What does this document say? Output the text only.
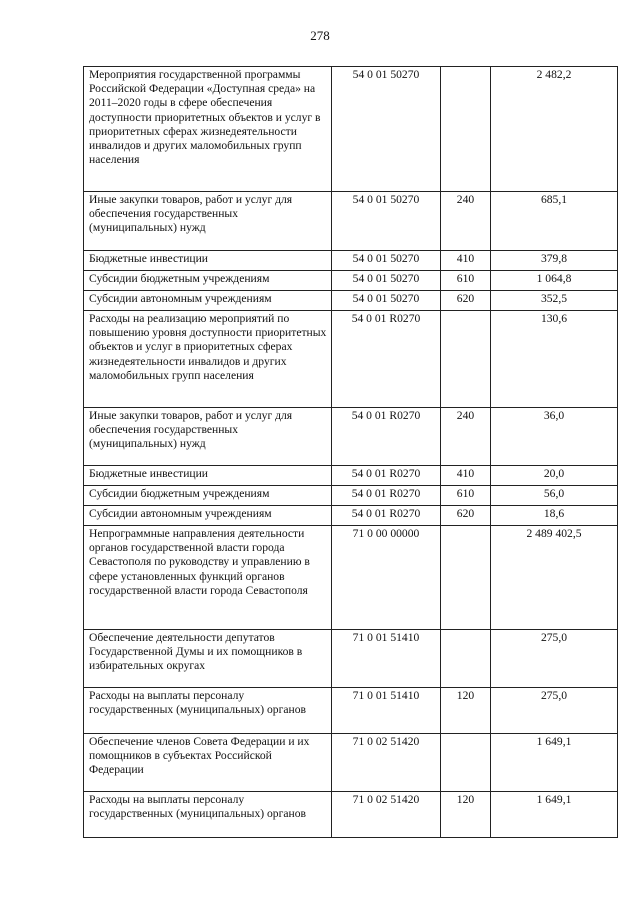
278
Мероприятия государственной программы Российской Федерации «Доступная среда» на 2011–2020 годы в сфере обеспечения доступности приоритетных объектов и услуг в приоритетных сферах жизнедеятельности инвалидов и других маломобильных групп населения	54 0 01 50270		2 482,2
Иные закупки товаров, работ и услуг для обеспечения государственных (муниципальных) нужд	54 0 01 50270	240	685,1
Бюджетные инвестиции	54 0 01 50270	410	379,8
Субсидии бюджетным учреждениям	54 0 01 50270	610	1 064,8
Субсидии автономным учреждениям	54 0 01 50270	620	352,5
Расходы на реализацию мероприятий по повышению уровня доступности приоритетных объектов и услуг в приоритетных сферах жизнедеятельности инвалидов и других маломобильных групп населения	54 0 01 R0270		130,6
Иные закупки товаров, работ и услуг для обеспечения государственных (муниципальных) нужд	54 0 01 R0270	240	36,0
Бюджетные инвестиции	54 0 01 R0270	410	20,0
Субсидии бюджетным учреждениям	54 0 01 R0270	610	56,0
Субсидии автономным учреждениям	54 0 01 R0270	620	18,6
Непрограммные направления деятельности органов государственной власти города Севастополя по руководству и управлению в сфере установленных функций органов государственной власти города Севастополя	71 0 00 00000		2 489 402,5
Обеспечение деятельности депутатов Государственной Думы и их помощников в избирательных округах	71 0 01 51410		275,0
Расходы на выплаты персоналу государственных (муниципальных) органов	71 0 01 51410	120	275,0
Обеспечение членов Совета Федерации и их помощников в субъектах Российской Федерации	71 0 02 51420		1 649,1
Расходы на выплаты персоналу государственных (муниципальных) органов	71 0 02 51420	120	1 649,1
